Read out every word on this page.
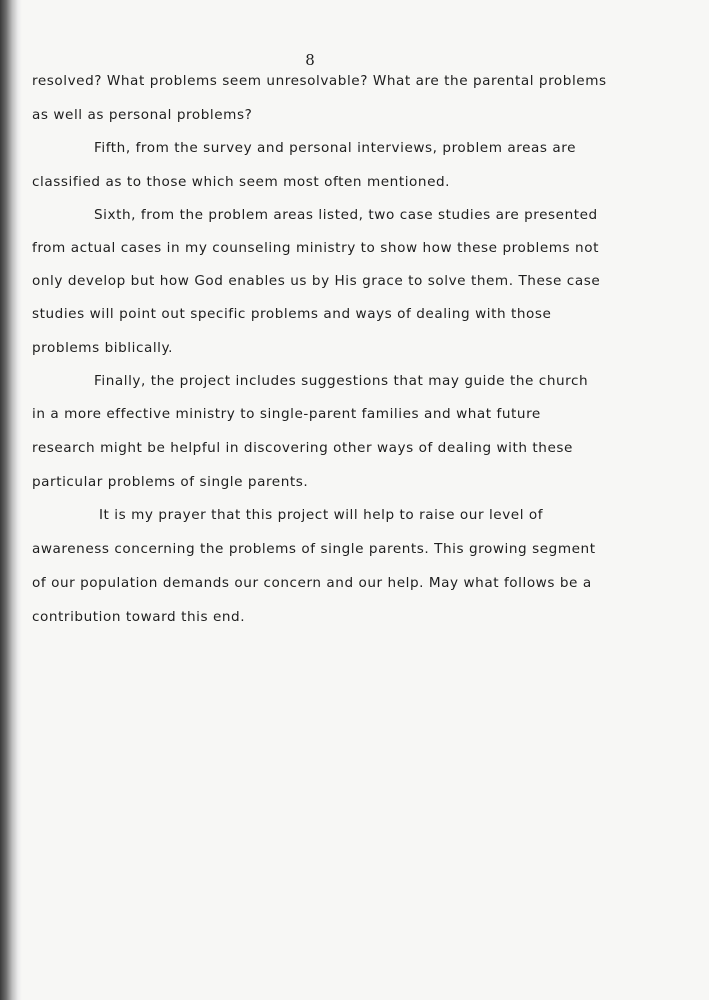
8
resolved? What problems seem unresolvable? What are the parental problems
as well as personal problems?
Fifth, from the survey and personal interviews, problem areas are
classified as to those which seem most often mentioned.
Sixth, from the problem areas listed, two case studies are presented
from actual cases in my counseling ministry to show how these problems not
only develop but how God enables us by His grace to solve them. These case
studies will point out specific problems and ways of dealing with those
problems biblically.
Finally, the project includes suggestions that may guide the church
in a more effective ministry to single-parent families and what future
research might be helpful in discovering other ways of dealing with these
particular problems of single parents.
It is my prayer that this project will help to raise our level of
awareness concerning the problems of single parents. This growing segment
of our population demands our concern and our help. May what follows be a
contribution toward this end.
